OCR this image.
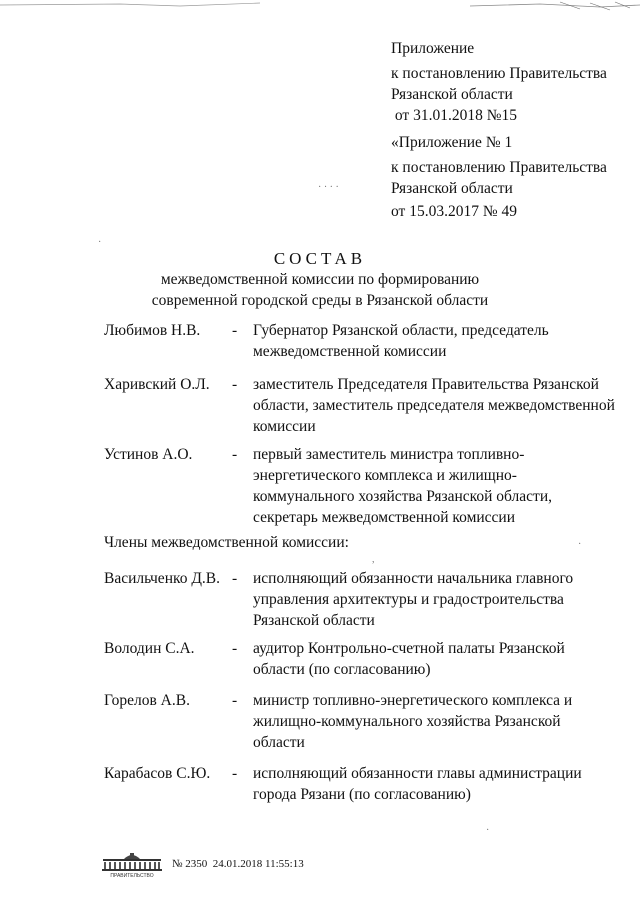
Приложение
к постановлению Правительства
Рязанской области
от 31.01.2018 №15
«Приложение № 1
к постановлению Правительства
Рязанской области
от 15.03.2017 № 49
СОСТАВ
межведомственной комиссии по формированию
современной городской среды в Рязанской области
Любимов Н.В. - Губернатор Рязанской области, председатель
межведомственной комиссии
Харивский О.Л. - заместитель Председателя Правительства Рязанской
области, заместитель председателя межведомственной
комиссии
Устинов А.О.	- первый заместитель министра топливно-
энергетического комплекса и жилищно-
коммунального хозяйства Рязанской области,
секретарь межведомственной комиссии
Члены межведомственной комиссии:
Васильченко Д.В. - исполняющий обязанности начальника главного
управления архитектуры и градостроительства
Рязанской области
Володин С.А. - аудитор Контрольно-счетной палаты Рязанской
области (по согласованию)
Горелов А.В.	- министр топливно-энергетического комплекса и
жилищно-коммунального хозяйства Рязанской
области
Карабасов С.Ю. - исполняющий обязанности главы администрации
города Рязани (по согласованию)
· · · ·
·
,
·
·
ПРАВИТЕЛЬСТВО
№ 2350  24.01.2018 11:55:13
